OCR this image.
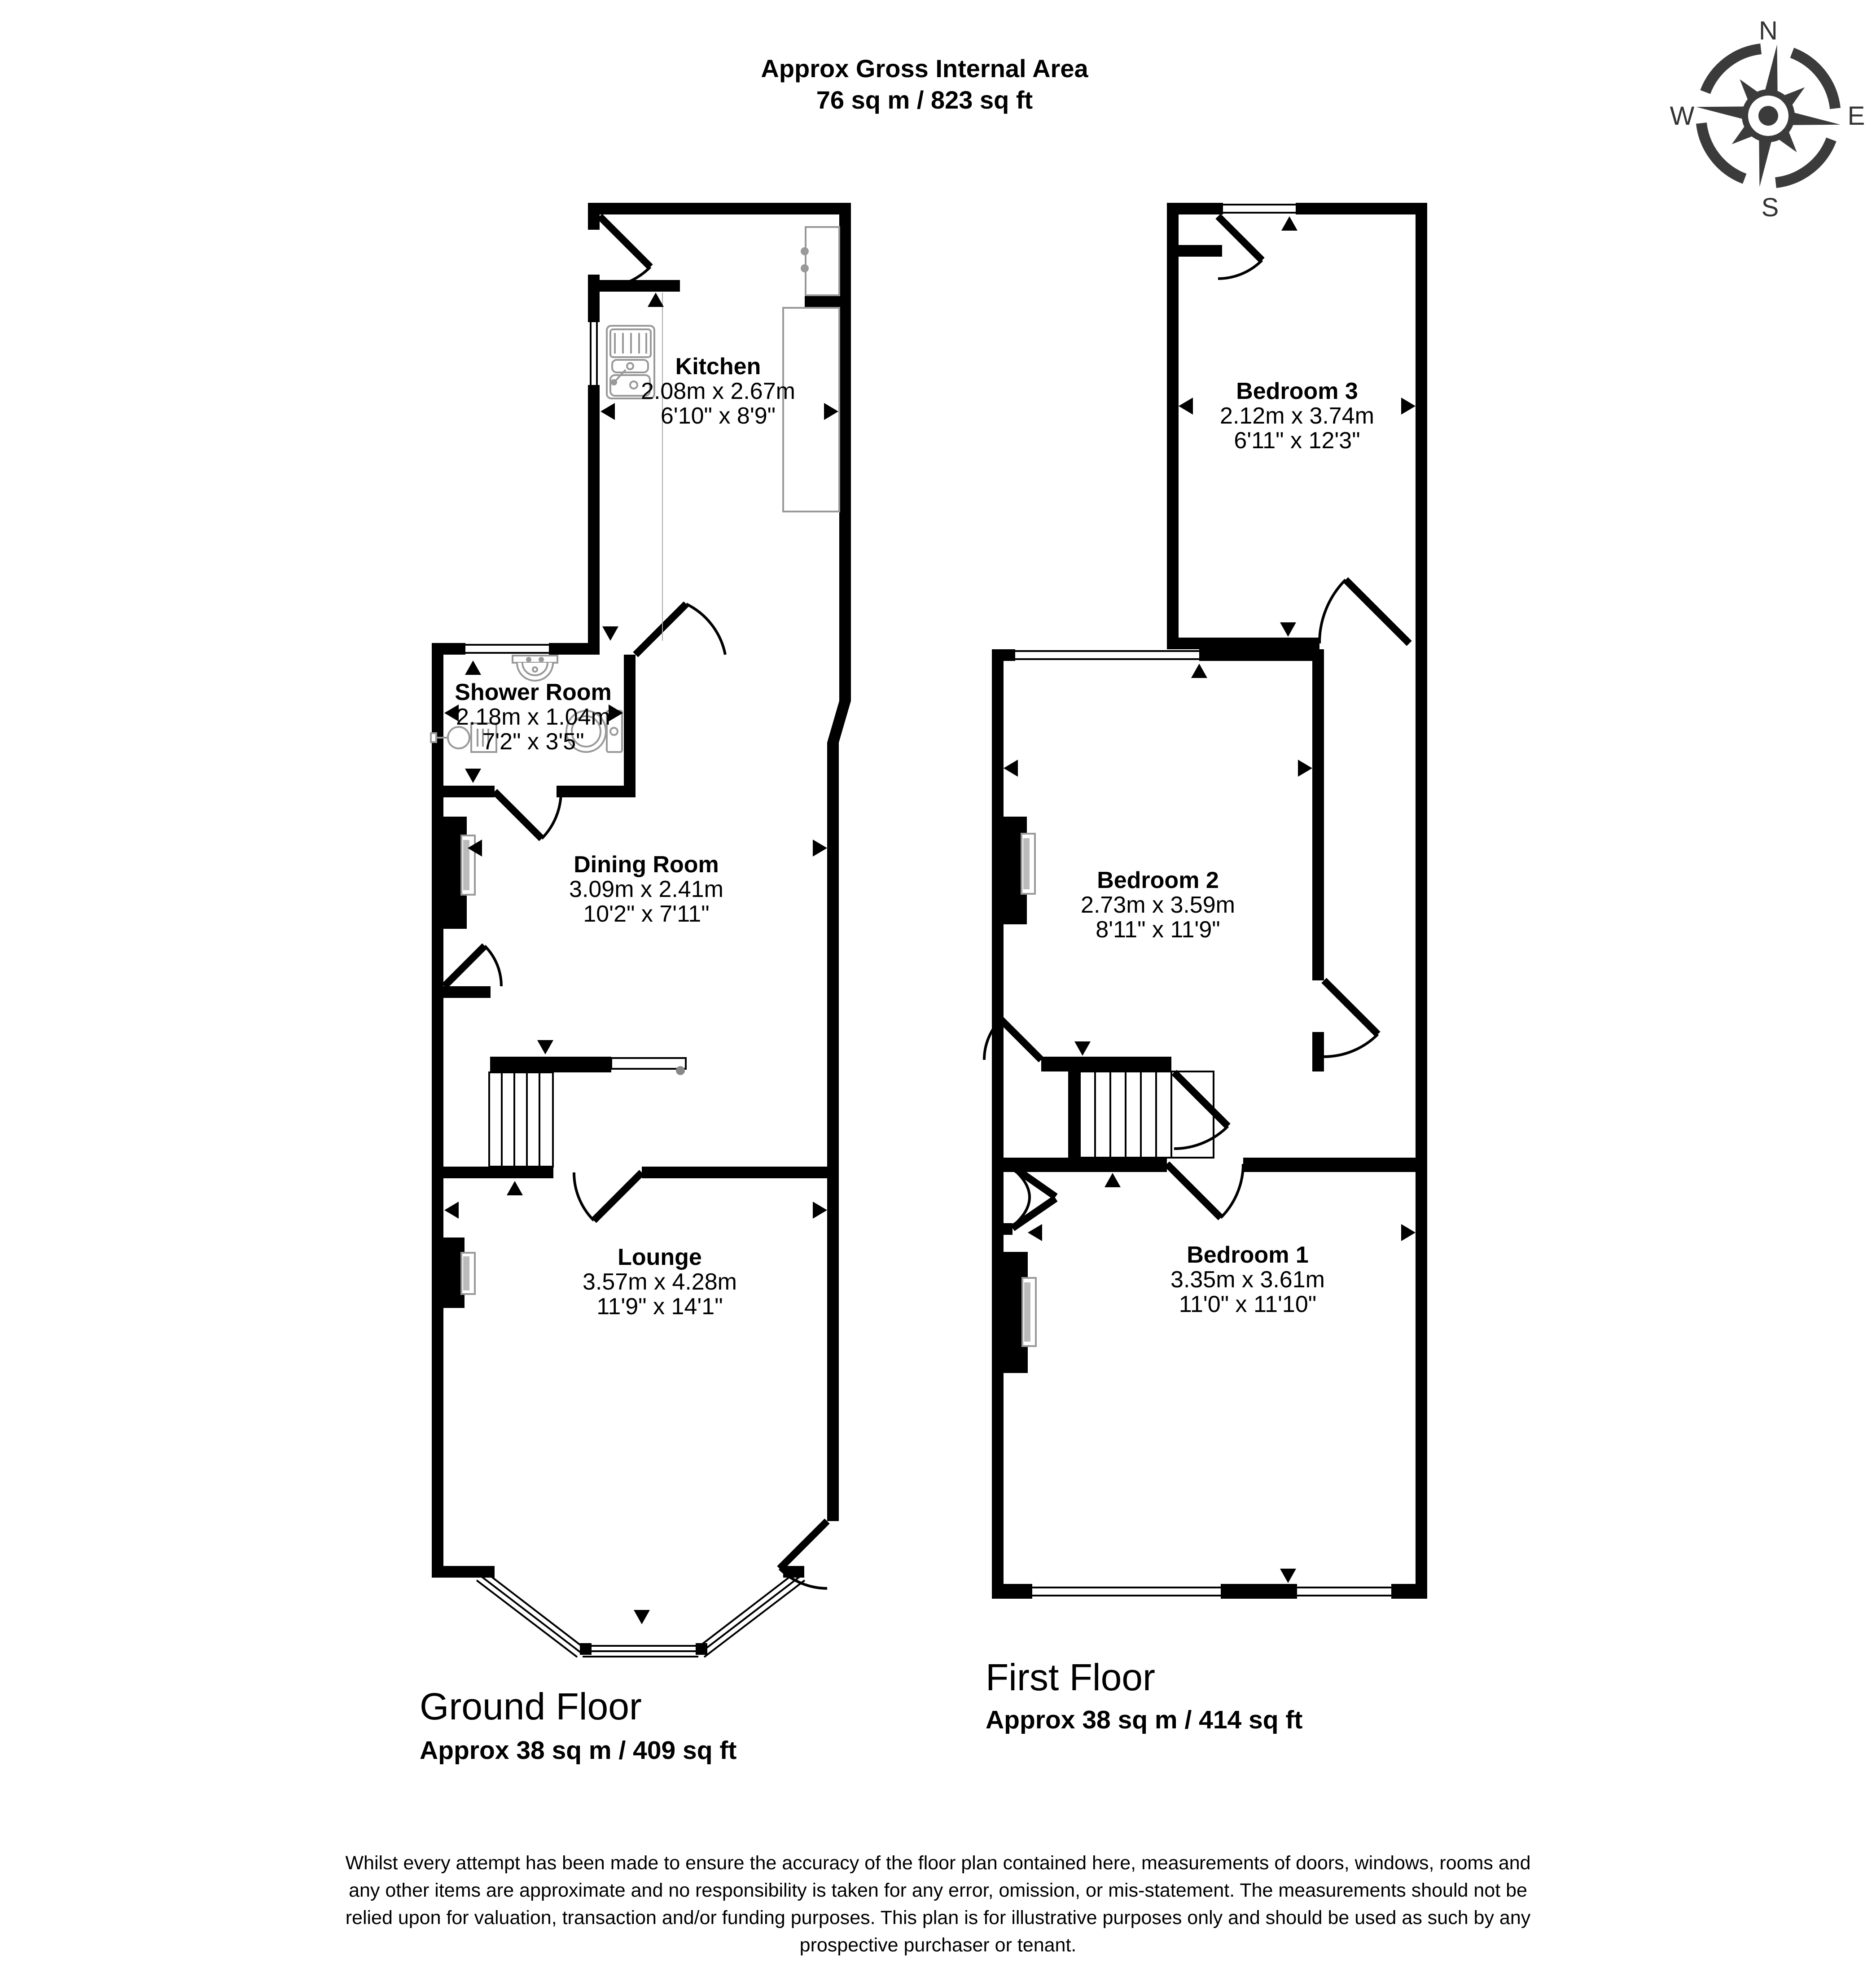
Approx Gross Internal Area
76 sq m / 823 sq ft
N
E
S
W
Kitchen
2.08m x 2.67m
6'10" x 8'9"
Shower Room
2.18m x 1.04m
7'2" x 3'5"
Dining Room
3.09m x 2.41m
10'2" x 7'11"
Lounge
3.57m x 4.28m
11'9" x 14'1"
Bedroom 3
2.12m x 3.74m
6'11" x 12'3"
Bedroom 2
2.73m x 3.59m
8'11" x 11'9"
Bedroom 1
3.35m x 3.61m
11'0" x 11'10"
Ground Floor
Approx 38 sq m / 409 sq ft
First Floor
Approx 38 sq m / 414 sq ft
Whilst every attempt has been made to ensure the accuracy of the floor plan contained here, measurements of doors, windows, rooms and
any other items are approximate and no responsibility is taken for any error, omission, or mis-statement. The measurements should not be
relied upon for valuation, transaction and/or funding purposes. This plan is for illustrative purposes only and should be used as such by any
prospective purchaser or tenant.
